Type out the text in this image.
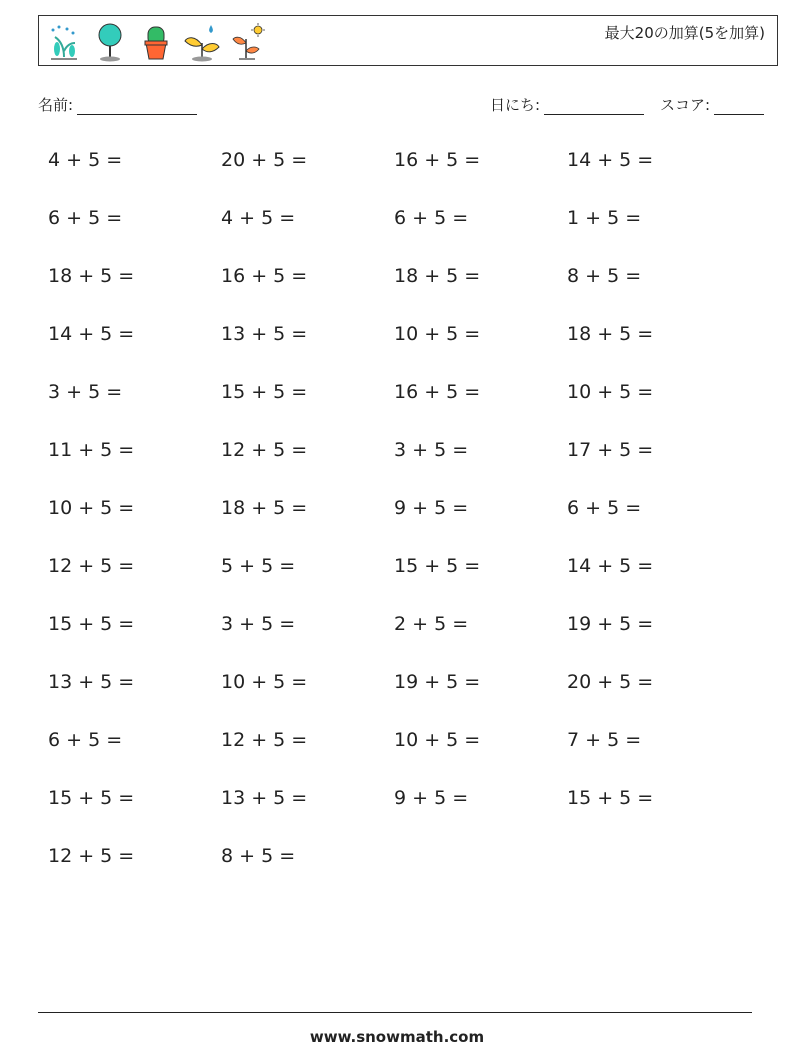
最大20の加算(5を加算)
名前:	日にち:	スコア:
4 + 5 =	20 + 5 =	16 + 5 =	14 + 5 =
6 + 5 =	4 + 5 =	6 + 5 =	1 + 5 =
18 + 5 =	16 + 5 =	18 + 5 =	8 + 5 =
14 + 5 =	13 + 5 =	10 + 5 =	18 + 5 =
3 + 5 =	15 + 5 =	16 + 5 =	10 + 5 =
11 + 5 =	12 + 5 =	3 + 5 =	17 + 5 =
10 + 5 =	18 + 5 =	9 + 5 =	6 + 5 =
12 + 5 =	5 + 5 =	15 + 5 =	14 + 5 =
15 + 5 =	3 + 5 =	2 + 5 =	19 + 5 =
13 + 5 =	10 + 5 =	19 + 5 =	20 + 5 =
6 + 5 =	12 + 5 =	10 + 5 =	7 + 5 =
15 + 5 =	13 + 5 =	9 + 5 =	15 + 5 =
12 + 5 =	8 + 5 =
www.snowmath.com
